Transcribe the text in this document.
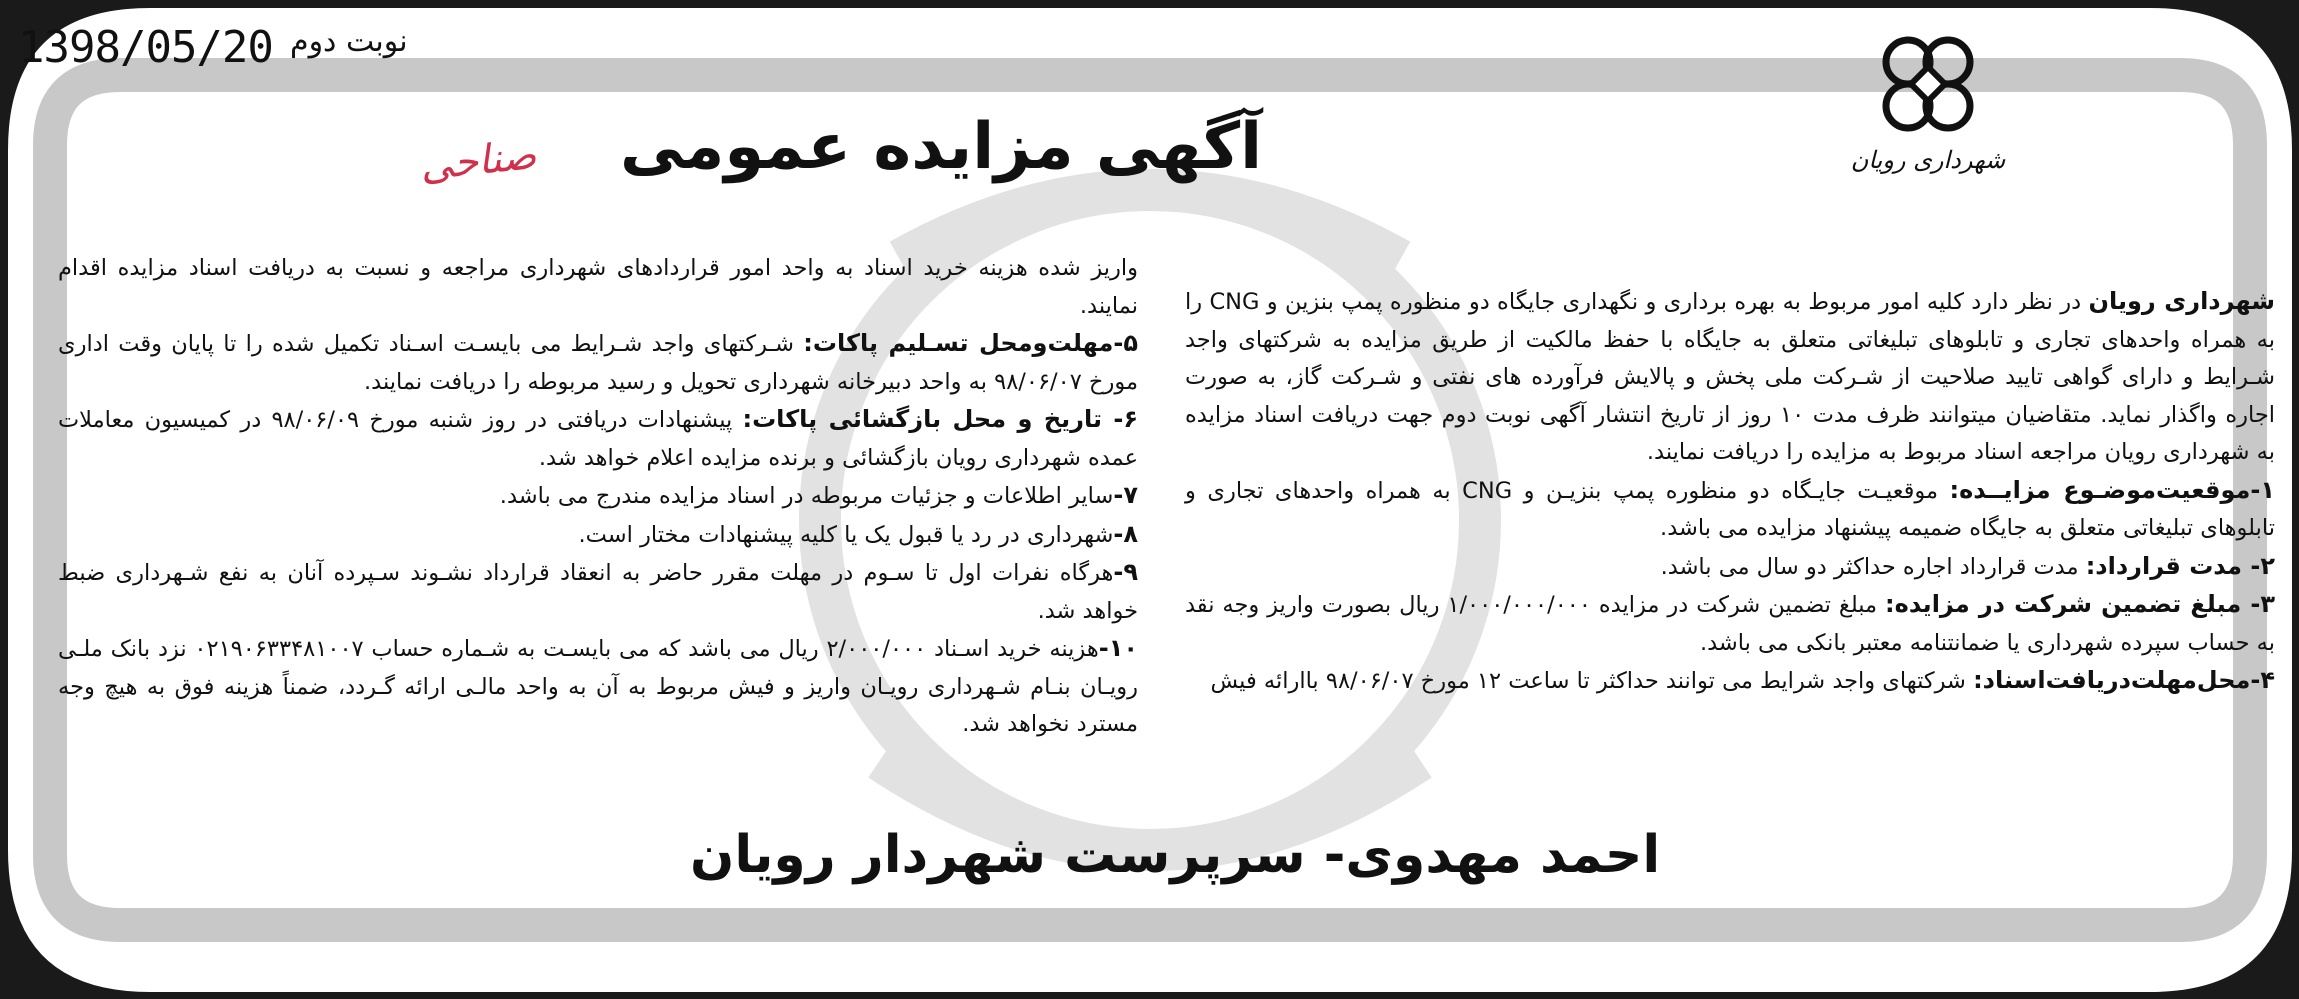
شهرداری رویان
1398/05/20 نوبت دوم
آگهی مزایده عمومی
صناحی

شهرداری رویان در نظر دارد کلیه امور مربوط به بهره برداری و نگهداری جایگاه دو منظوره پمپ بنزین و CNG را به همراه واحدهای تجاری و تابلوهای تبلیغاتی متعلق به جایگاه با حفظ مالکیت از طریق مزایده به شرکتهای واجد شـرایط و دارای گواهی تایید صلاحیت از شـرکت ملی پخش و پالایش فرآورده های نفتی و شـرکت گاز، به صورت اجاره واگذار نماید. متقاضیان میتوانند ظرف مدت ۱۰ روز از تاریخ انتشار آگهی نوبت دوم جهت دریافت اسناد مزایده به شهرداری رویان مراجعه اسناد مربوط به مزایده را دریافت نمایند.

۱-موقعیت‌موضـوع مزایــده: موقعیـت جایـگاه دو منظوره پمپ بنزیـن و CNG به همراه واحدهای تجاری و تابلوهای تبلیغاتی متعلق به جایگاه ضمیمه پیشنهاد مزایده می باشد.

۲- مدت قرارداد: مدت قرارداد اجاره حداکثر دو سال می باشد.

۳- مبلغ تضمین شرکت در مزایده: مبلغ تضمین شرکت در مزایده ۱/۰۰۰/۰۰۰/۰۰۰ ریال بصورت واریز وجه نقد به حساب سپرده شهرداری یا ضمانتنامه معتبر بانکی می باشد.

۴-محل‌مهلت‌دریافت‌اسناد: شرکتهای واجد شرایط می توانند حداکثر تا ساعت ۱۲ مورخ ۹۸/۰۶/۰۷ باارائه فیش

واریز شده هزینه خرید اسناد به واحد امور قراردادهای شهرداری مراجعه و نسبت به دریافت اسناد مزایده اقدام نمایند.

۵-مهلت‌ومحل تسـلیم پاکات: شـرکتهای واجد شـرایط می بایسـت اسـناد تکمیل شده را تا پایان وقت اداری مورخ ۹۸/۰۶/۰۷ به واحد دبیرخانه شهرداری تحویل و رسید مربوطه را دریافت نمایند.

۶- تاریخ و محل بازگشائی پاکات: پیشنهادات دریافتی در روز شنبه مورخ ۹۸/۰۶/۰۹ در کمیسیون معاملات عمده شهرداری رویان بازگشائی و برنده مزایده اعلام خواهد شد.

۷-سایر اطلاعات و جزئیات مربوطه در اسناد مزایده مندرج می باشد.

۸-شهرداری در رد یا قبول یک یا کلیه پیشنهادات مختار است.

۹-هرگاه نفرات اول تا سـوم در مهلت مقرر حاضر به انعقاد قرارداد نشـوند سـپرده آنان به نفع شـهرداری ضبط خواهد شد.

۱۰-هزینه خرید اسـناد ۲/۰۰۰/۰۰۰ ریال می باشد که می بایسـت به شـماره حساب ۰۲۱۹۰۶۳۳۴۸۱۰۰۷ نزد بانک ملـی رویـان بنـام شـهرداری رویـان واریز و فیش مربوط به آن به واحد مالـی ارائه گـردد، ضمناً هزینه فوق به هیچ وجه مسترد نخواهد شد.

احمد مهدوی- سرپرست شهردار رویان
